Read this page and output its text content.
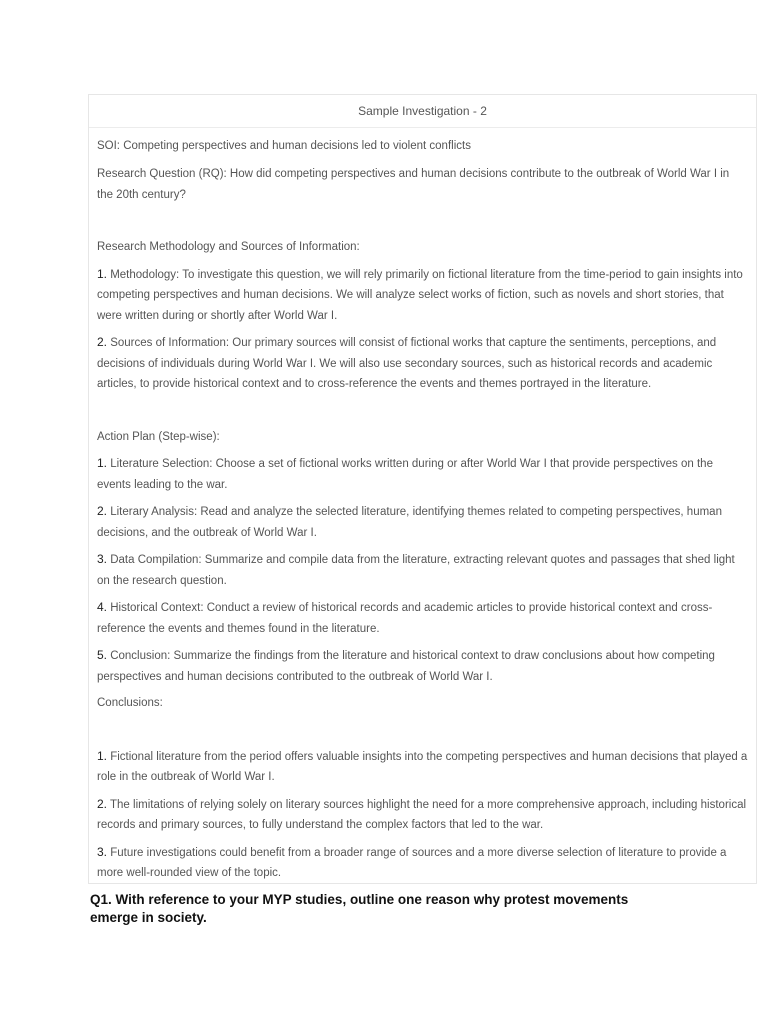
Sample Investigation - 2

SOI: Competing perspectives and human decisions led to violent conflicts

Research Question (RQ): How did competing perspectives and human decisions contribute to the outbreak of World War I in the 20th century?

Research Methodology and Sources of Information:

1. Methodology: To investigate this question, we will rely primarily on fictional literature from the time-period to gain insights into competing perspectives and human decisions. We will analyze select works of fiction, such as novels and short stories, that were written during or shortly after World War I.

2. Sources of Information: Our primary sources will consist of fictional works that capture the sentiments, perceptions, and decisions of individuals during World War I. We will also use secondary sources, such as historical records and academic articles, to provide historical context and to cross-reference the events and themes portrayed in the literature.

Action Plan (Step-wise):

1. Literature Selection: Choose a set of fictional works written during or after World War I that provide perspectives on the events leading to the war.

2. Literary Analysis: Read and analyze the selected literature, identifying themes related to competing perspectives, human decisions, and the outbreak of World War I.

3. Data Compilation: Summarize and compile data from the literature, extracting relevant quotes and passages that shed light on the research question.

4. Historical Context: Conduct a review of historical records and academic articles to provide historical context and cross-reference the events and themes found in the literature.

5. Conclusion: Summarize the findings from the literature and historical context to draw conclusions about how competing perspectives and human decisions contributed to the outbreak of World War I.

Conclusions:

1. Fictional literature from the period offers valuable insights into the competing perspectives and human decisions that played a role in the outbreak of World War I.

2. The limitations of relying solely on literary sources highlight the need for a more comprehensive approach, including historical records and primary sources, to fully understand the complex factors that led to the war.

3. Future investigations could benefit from a broader range of sources and a more diverse selection of literature to provide a more well-rounded view of the topic.

Q1. With reference to your MYP studies, outline one reason why protest movements emerge in society.
